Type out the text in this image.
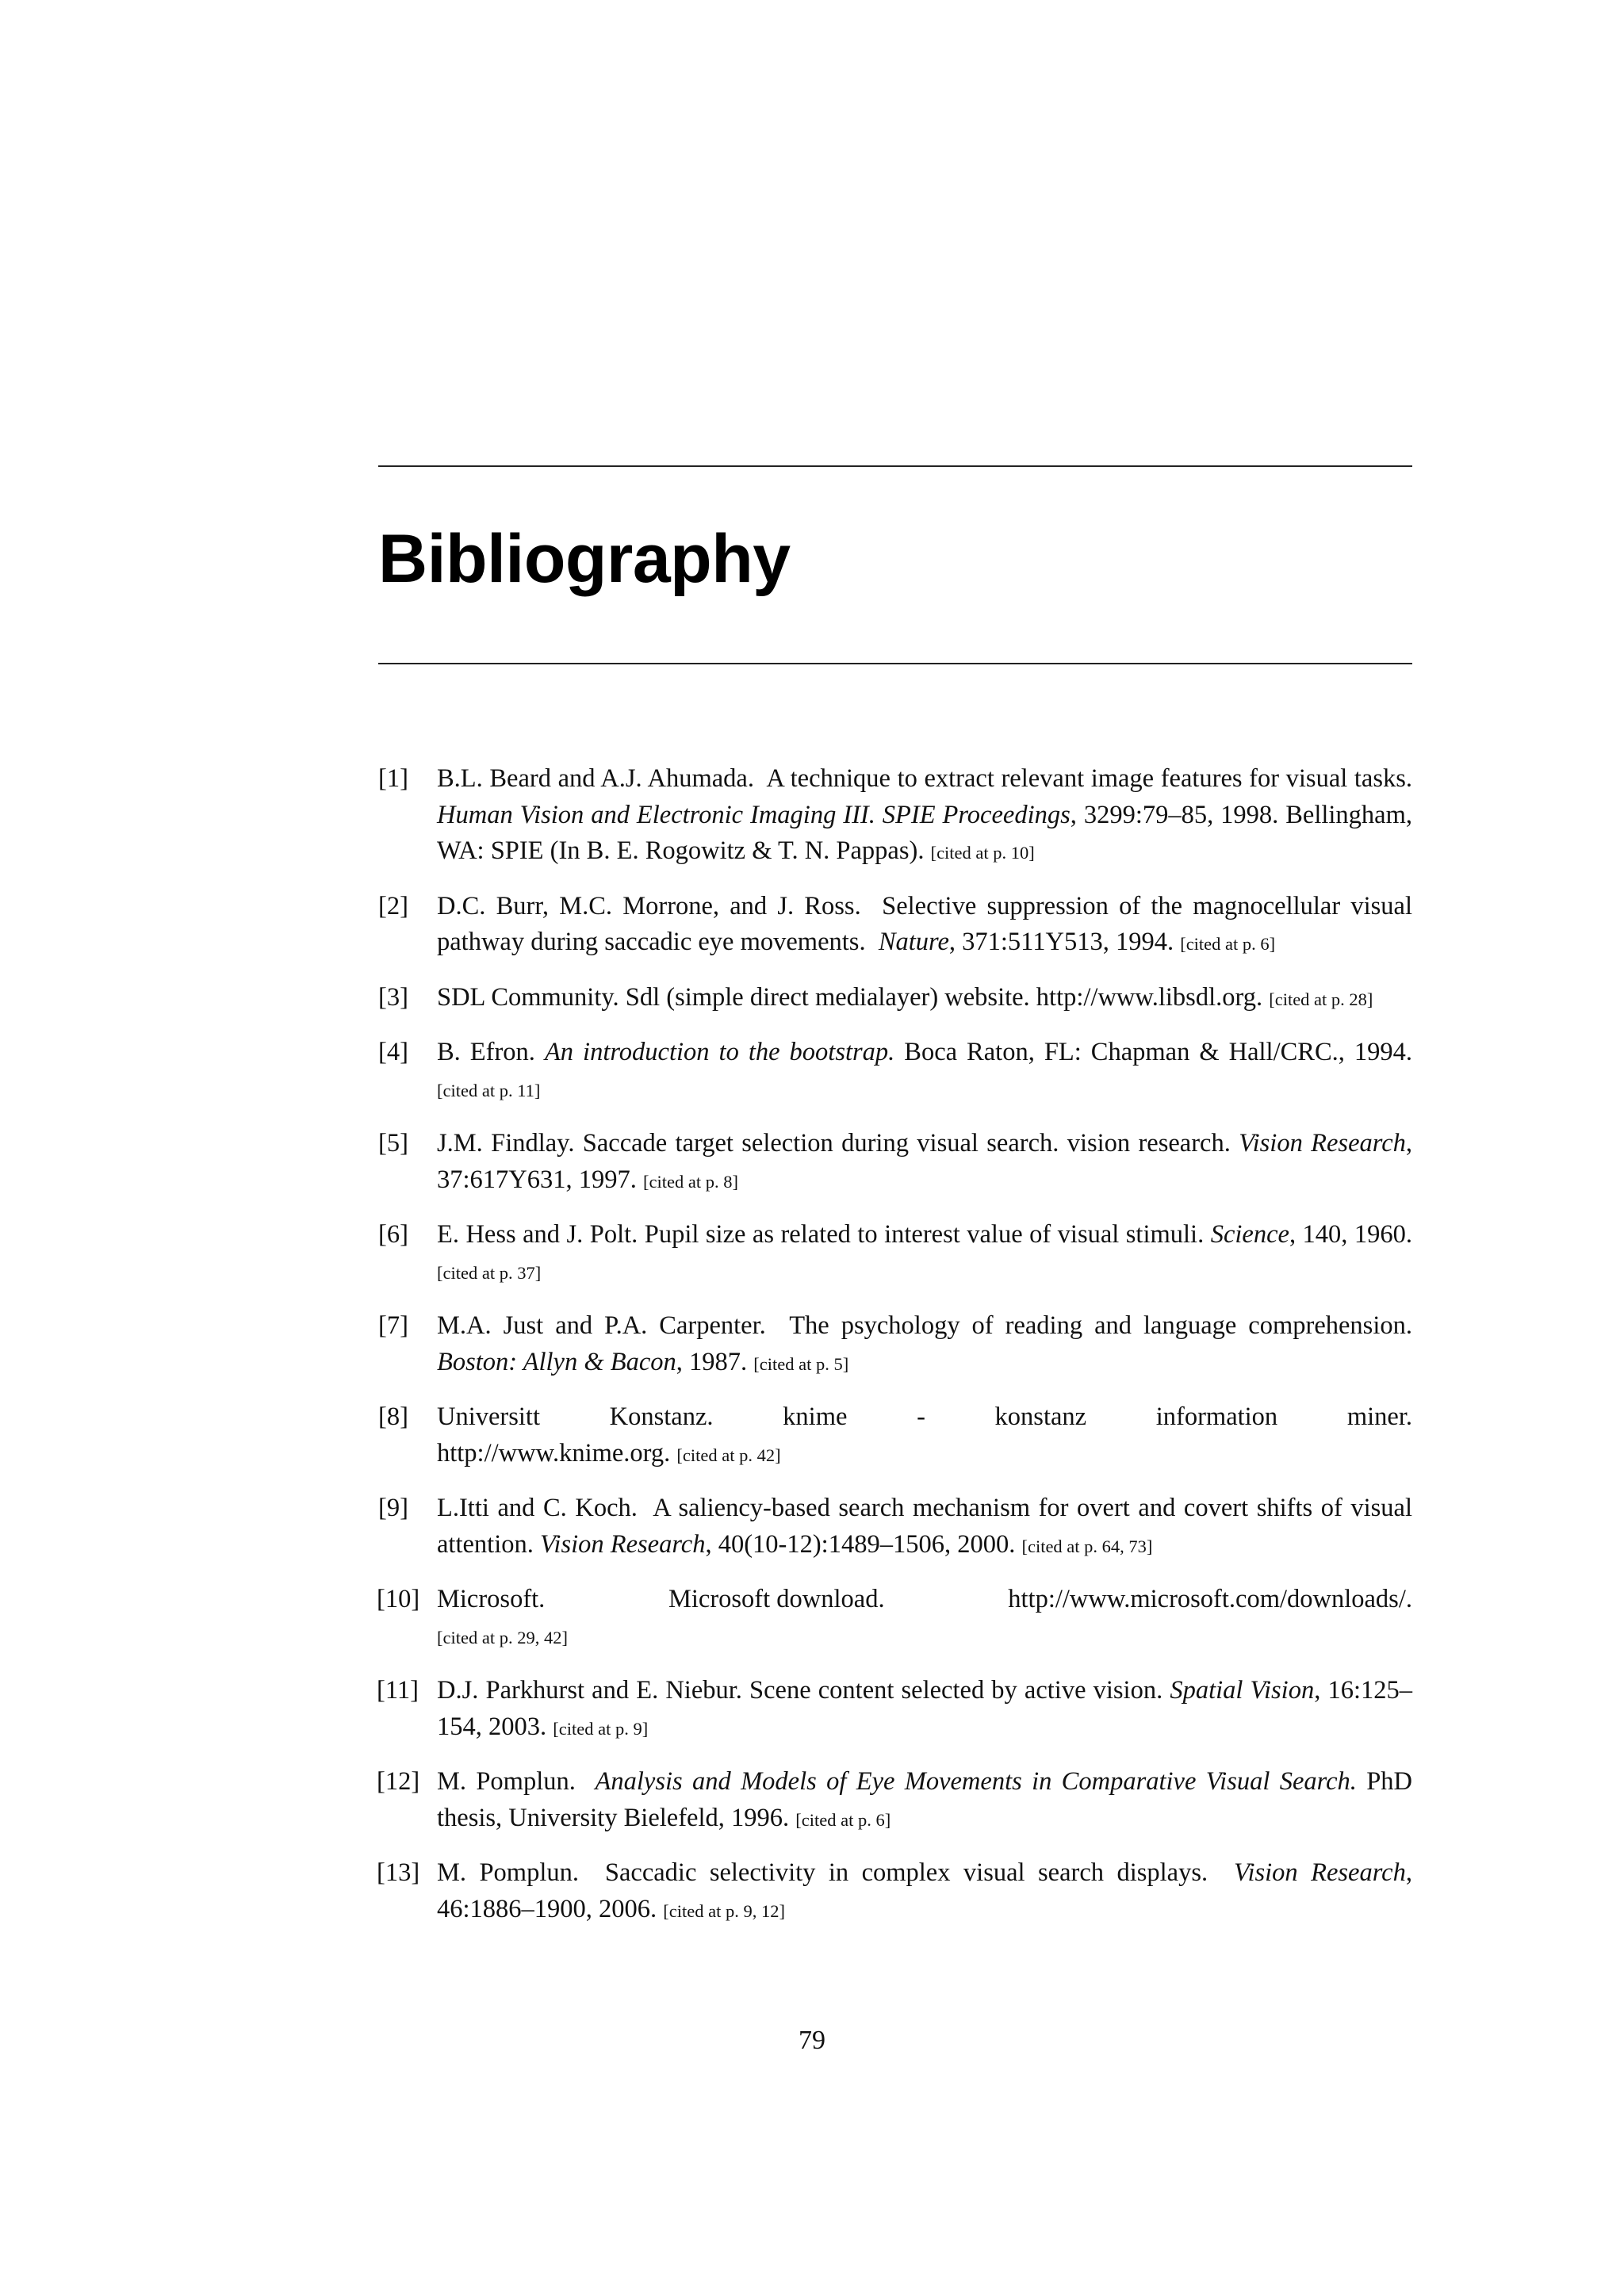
Bibliography
[1] B.L. Beard and A.J. Ahumada. A technique to extract relevant image features for visual tasks. Human Vision and Electronic Imaging III. SPIE Proceedings, 3299:79–85, 1998. Bellingham, WA: SPIE (In B. E. Rogowitz & T. N. Pappas). [cited at p. 10]
[2] D.C. Burr, M.C. Morrone, and J. Ross. Selective suppression of the magnocellular visual pathway during saccadic eye movements. Nature, 371:511Y513, 1994. [cited at p. 6]
[3] SDL Community. Sdl (simple direct medialayer) website. http://www.libsdl.org. [cited at p. 28]
[4] B. Efron. An introduction to the bootstrap. Boca Raton, FL: Chapman & Hall/CRC., 1994. [cited at p. 11]
[5] J.M. Findlay. Saccade target selection during visual search. vision research. Vision Research, 37:617Y631, 1997. [cited at p. 8]
[6] E. Hess and J. Polt. Pupil size as related to interest value of visual stimuli. Science, 140, 1960. [cited at p. 37]
[7] M.A. Just and P.A. Carpenter. The psychology of reading and language comprehension. Boston: Allyn & Bacon, 1987. [cited at p. 5]
[8] Universitt	Konstanz.	knime	-	konstanz	information	miner.
http://www.knime.org. [cited at p. 42]
[9] L.Itti and C. Koch. A saliency-based search mechanism for overt and covert shifts of visual attention. Vision Research, 40(10-12):1489–1506, 2000. [cited at p. 64, 73]
[10] Microsoft.	Microsoft download.	http://www.microsoft.com/downloads/.
[cited at p. 29, 42]
[11] D.J. Parkhurst and E. Niebur. Scene content selected by active vision. Spatial Vision, 16:125–154, 2003. [cited at p. 9]
[12] M. Pomplun. Analysis and Models of Eye Movements in Comparative Visual Search. PhD thesis, University Bielefeld, 1996. [cited at p. 6]
[13] M. Pomplun. Saccadic selectivity in complex visual search displays. Vision Research, 46:1886–1900, 2006. [cited at p. 9, 12]
79
